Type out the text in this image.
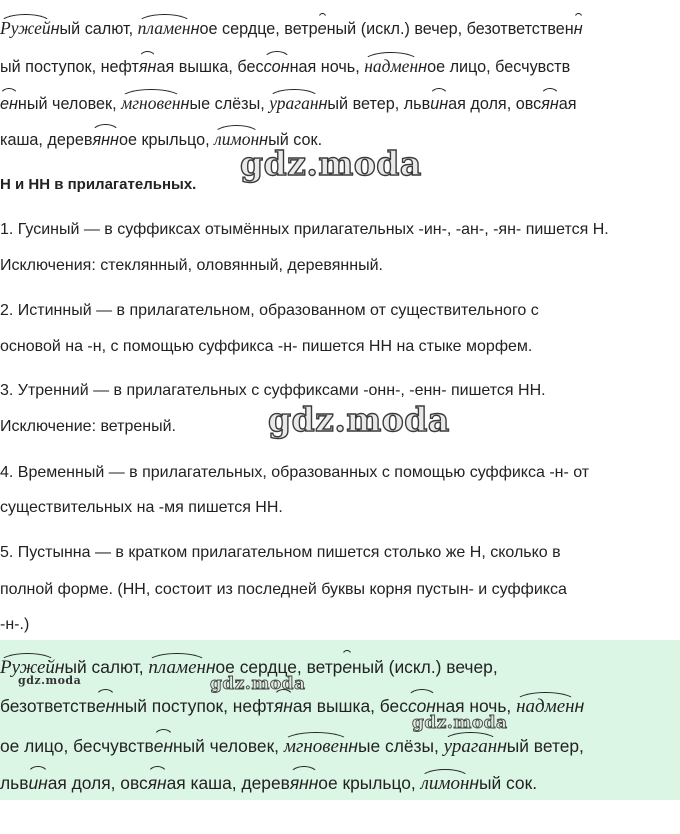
Ружейный салют, пламенное сердце, ветреный (искл.) вечер, безответственн
ый поступок, нефтяная вышка, бессонная ночь, надменное лицо, бесчувств
енный человек, мгновенные слёзы, ураганный ветер, львиная доля, овсяная
каша, деревянное крыльцо, лимонный сок.
gdz.moda
Н и НН в прилагательных.
1. Гусиный — в суффиксах отымённых прилагательных -ин-, -ан-, -ян- пишется Н.
Исключения: стеклянный, оловянный, деревянный.
2. Истинный — в прилагательном, образованном от существительного с
основой на -н, с помощью суффикса -н- пишется НН на стыке морфем.
3. Утренний — в прилагательных с суффиксами -онн-, -енн- пишется НН.
Исключение: ветреный.	gdz.moda
4. Временный — в прилагательных, образованных с помощью суффикса -н- от
существительных на -мя пишется НН.
5. Пустынна — в кратком прилагательном пишется столько же Н, сколько в
полной форме. (НН, состоит из последней буквы корня пустын- и суффикса
-н-.)
Ружейный салют, пламенное сердце, ветреный (искл.) вечер,
безответственный поступок, нефтяная вышка, бессонная ночь, надменн
ое лицо, бесчувственный человек, мгновенные слёзы, ураганный ветер,
львиная доля, овсяная каша, деревянное крыльцо, лимонный сок.
gdz.moda	gdz.moda
gdz.moda
